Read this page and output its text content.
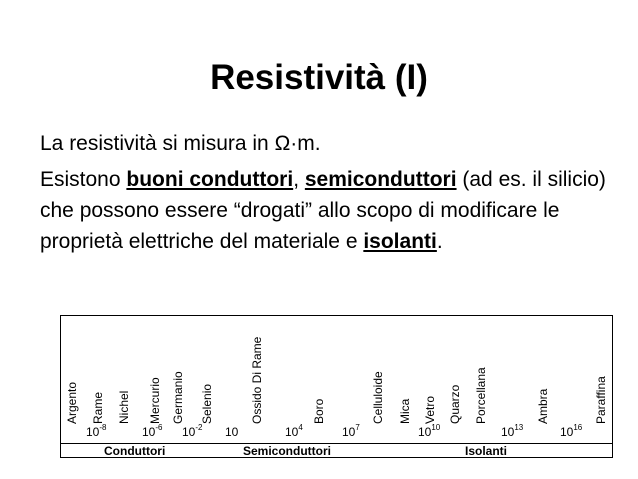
Resistività (I)

La resistività si misura in Ω·m.

Esistono buoni conduttori, semiconduttori (ad es. il silicio) che possono essere “drogati” allo scopo di modificare le proprietà elettriche del materiale e isolanti.

Argento Rame Nichel Mercurio Germanio Selenio	Ossido Di Rame	Boro	Celluloide Mica Vetro Quarzo Porcellana	Ambra	Paraffina
$10^{-8}$	$10^{-6}$ $10^{-2}$ 10	$10^4$	$10^7$	$10^{10}$	$10^{13}$	$10^{16}$
Conduttori	Semiconduttori	Isolanti
